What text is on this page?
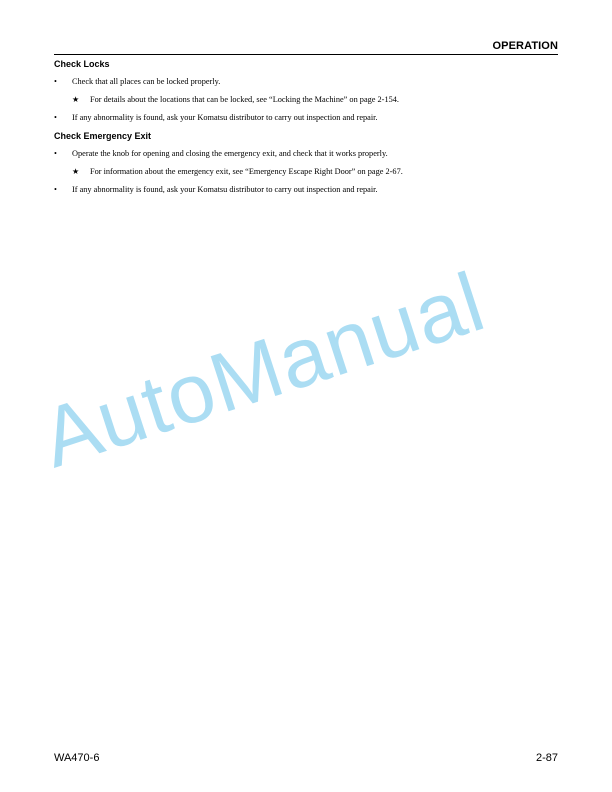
OPERATION
Check Locks
•	Check that all places can be locked properly.
★	For details about the locations that can be locked, see “Locking the Machine” on page 2-154.
•	If any abnormality is found, ask your Komatsu distributor to carry out inspection and repair.
Check Emergency Exit
•	Operate the knob for opening and closing the emergency exit, and check that it works properly.
★	For information about the emergency exit, see “Emergency Escape Right Door” on page 2-67.
•	If any abnormality is found, ask your Komatsu distributor to carry out inspection and repair.
AutoManual
WA470-6	2-87
